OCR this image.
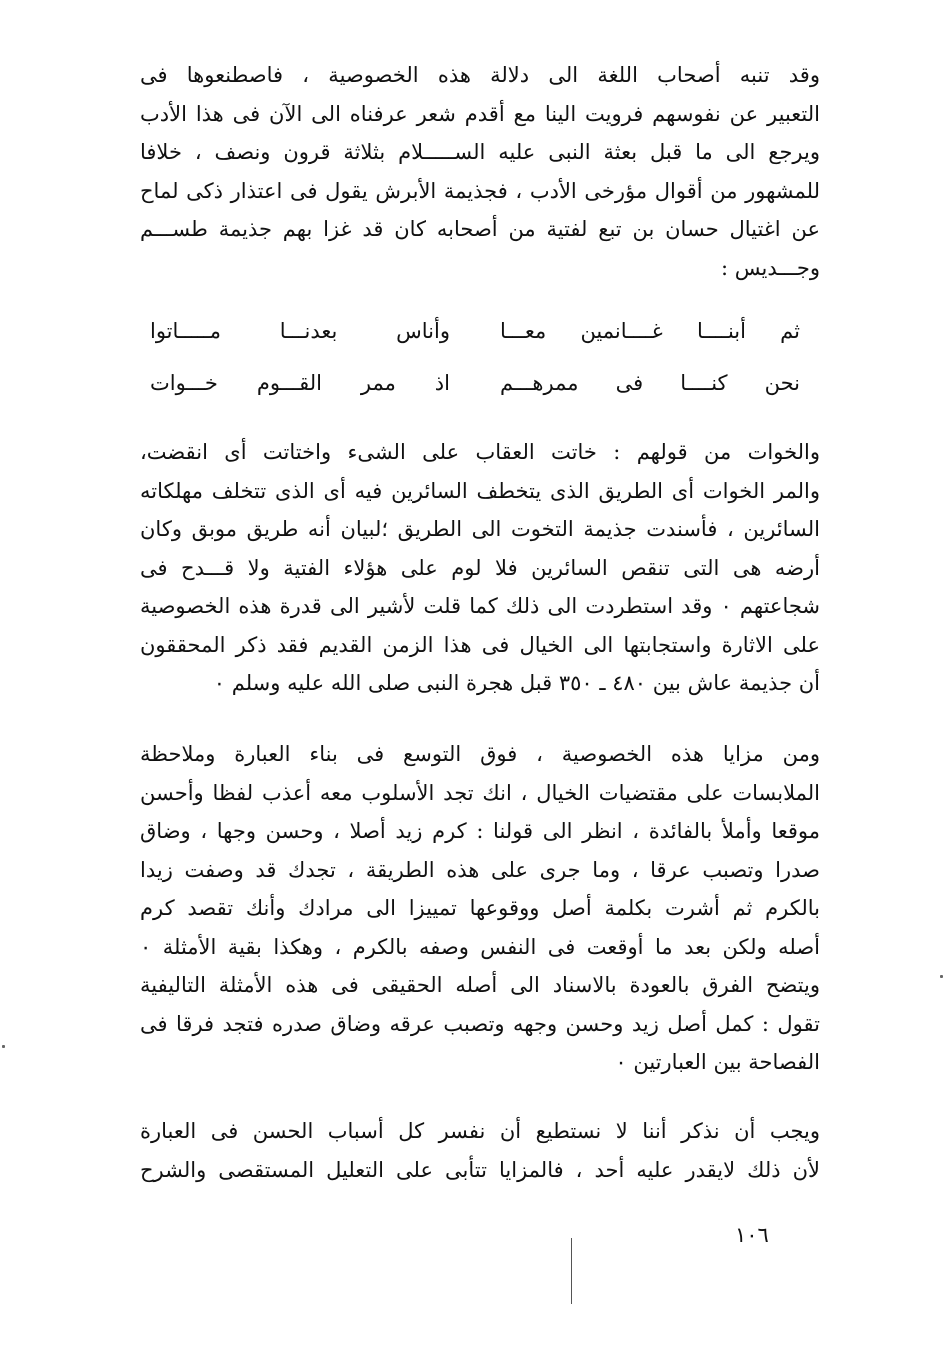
وقد تنبه أصحاب اللغة الى دلالة هذه الخصوصية ، فاصطنعوها فى
التعبير عن نفوسهم فرويت الينا مع أقدم شعر عرفناه الى الآن فى هذا الأدب
ويرجع الى ما قبل بعثة النبى عليه الســـــلام بثلاثة قرون ونصف ، خلافا
للمشهور من أقوال مؤرخى الأدب ، فجذيمة الأبرش يقول فى اعتذار ذكى لماح
عن اغتيال حسان بن تبع لفتية من أصحابه كان قد غزا بهم جذيمة طســـم
وجـــديس :
ثم أبنــــا غــــانمين معـــا
وأناس بعدنـــا مـــــاتوا
نحن كنــــا فى ممرهـــم
اذ ممر القـــوم خـــوات
والخوات من قولهم : خاتت العقاب على الشىء واختاتت أى انقضت،
والمر الخوات أى الطريق الذى يتخطف السائرين فيه أى الذى تتخلف مهلكاته
السائرين ، فأسندت جذيمة التخوت الى الطريق ؛لبيان أنه طريق موبق وكان
أرضه هى التى تنقص السائرين فلا لوم على هؤلاء الفتية ولا قـــدح فى
شجاعتهم ٠ وقد استطردت الى ذلك كما قلت لأشير الى قدرة هذه الخصوصية
على الاثارة واستجابتها الى الخيال فى هذا الزمن القديم فقد ذكر المحققون
أن جذيمة عاش بين ٤٨٠ ـ ٣٥٠ قبل هجرة النبى صلى الله عليه وسلم ٠
ومن مزايا هذه الخصوصية ، فوق التوسع فى بناء العبارة وملاحظة
الملابسات على مقتضيات الخيال ، انك تجد الأسلوب معه أعذب لفظا وأحسن
موقعا وأملأ بالفائدة ، انظر الى قولنا : كرم زيد أصلا ، وحسن وجها ، وضاق
صدرا وتصبب عرقا ، وما جرى على هذه الطريقة ، تجدك قد وصفت زيدا
بالكرم ثم أشرت بكلمة أصل ووقوعها تمييزا الى مرادك وأنك تقصد كرم
أصله ولكن بعد ما أوقعت فى النفس وصفه بالكرم ، وهكذا بقية الأمثلة ٠
ويتضح الفرق بالعودة بالاسناد الى أصله الحقيقى فى هذه الأمثلة التاليفية
تقول : كمل أصل زيد وحسن وجهه وتصبب عرقه وضاق صدره فتجد فرقا فى
الفصاحة بين العبارتين ٠
ويجب أن نذكر أننا لا نستطيع أن نفسر كل أسباب الحسن فى العبارة
لأن ذلك لايقدر عليه أحد ، فالمزايا تتأبى على التعليل المستقصى والشرح
١٠٦
